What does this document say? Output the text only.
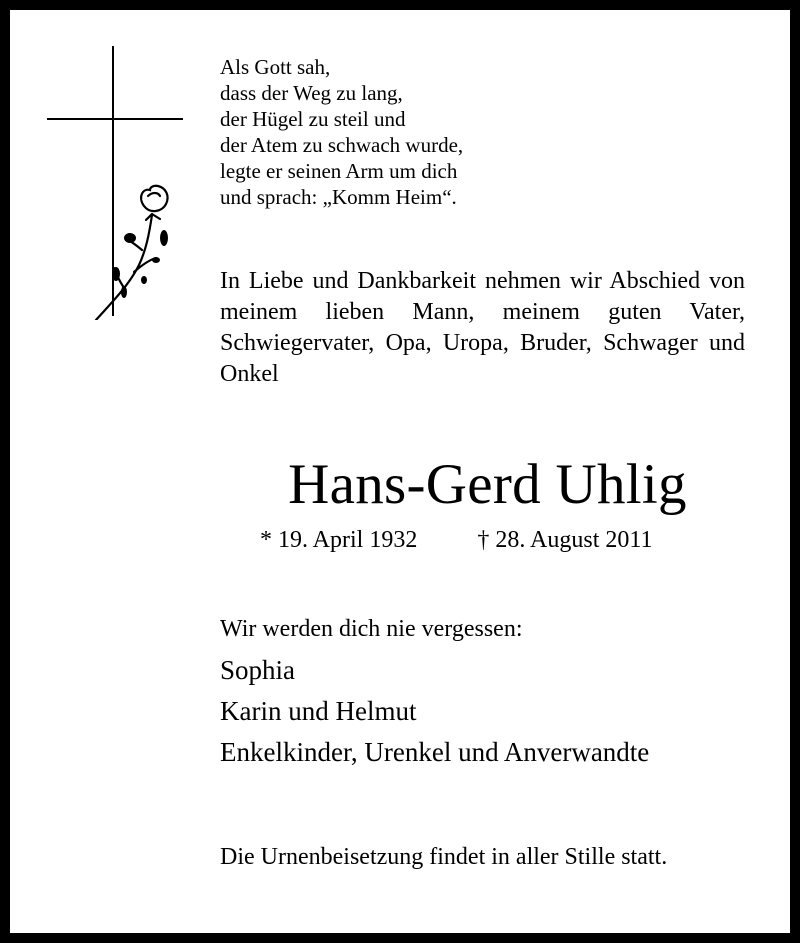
Als Gott sah,
dass der Weg zu lang,
der Hügel zu steil und
der Atem zu schwach wurde,
legte er seinen Arm um dich
und sprach: „Komm Heim“.
In Liebe und Dankbarkeit nehmen wir Abschied von meinem lieben Mann, meinem guten Vater, Schwiegervater, Opa, Uropa, Bruder, Schwager und Onkel
Hans-Gerd Uhlig
* 19. April 1932	† 28. August 2011
Wir werden dich nie vergessen:
Sophia
Karin und Helmut
Enkelkinder, Urenkel und Anverwandte
Die Urnenbeisetzung findet in aller Stille statt.
